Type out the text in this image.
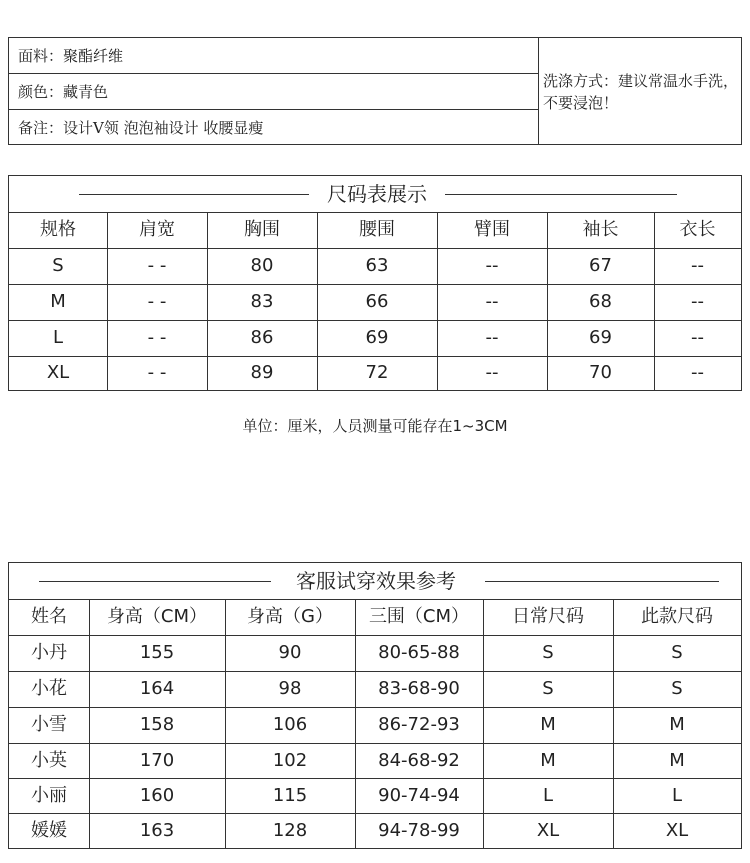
面料：聚酯纤维
颜色：藏青色
备注：设计V领 泡泡袖设计 收腰显瘦
洗涤方式：建议常温水手洗，不要浸泡！
尺码表展示
规格	肩宽	胸围	腰围	臂围	袖长	衣长
S	- -	80	63	--	67	--
M	- -	83	66	--	68	--
L	- -	86	69	--	69	--
XL	- -	89	72	--	70	--
单位：厘米，人员测量可能存在1~3CM
客服试穿效果参考
姓名	身高（CM）	身高（G）	三围（CM）	日常尺码	此款尺码
小丹	155	90	80-65-88	S	S
小花	164	98	83-68-90	S	S
小雪	158	106	86-72-93	M	M
小英	170	102	84-68-92	M	M
小丽	160	115	90-74-94	L	L
媛媛	163	128	94-78-99	XL	XL
